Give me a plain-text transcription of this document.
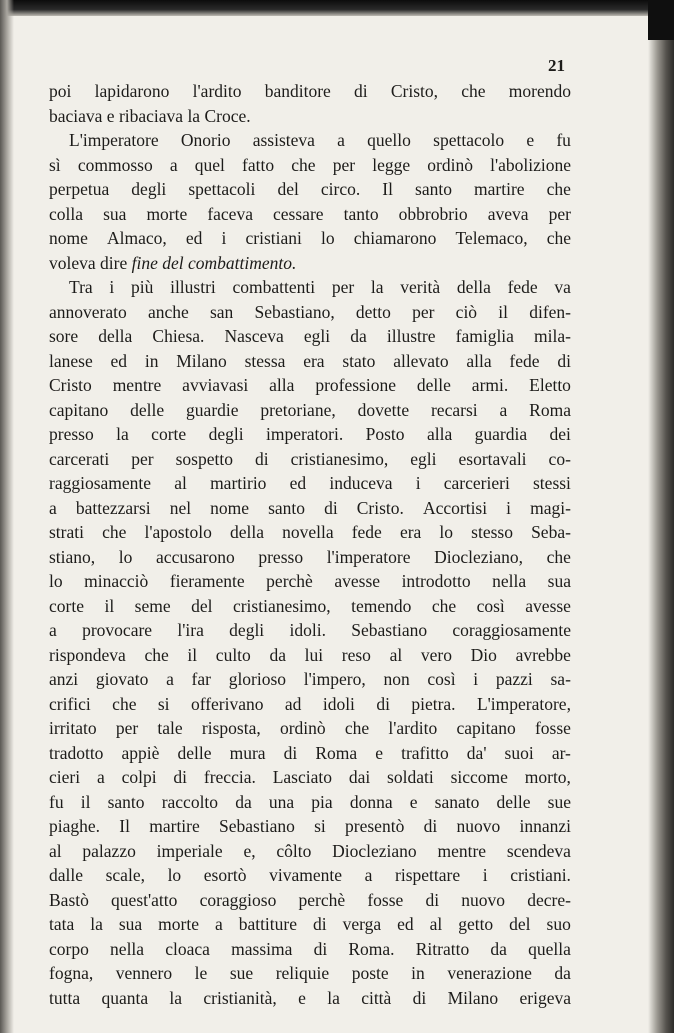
21
poi lapidarono l'ardito banditore di Cristo, che morendo
baciava e ribaciava la Croce.
L'imperatore Onorio assisteva a quello spettacolo e fu
sì commosso a quel fatto che per legge ordinò l'abolizione
perpetua degli spettacoli del circo. Il santo martire che
colla sua morte faceva cessare tanto obbrobrio aveva per
nome Almaco, ed i cristiani lo chiamarono Telemaco, che
voleva dire
fine del combattimento.
Tra i più illustri combattenti per la verità della fede va
annoverato anche san Sebastiano, detto per ciò il difen-
sore della Chiesa. Nasceva egli da illustre famiglia mila-
lanese ed in Milano stessa era stato allevato alla fede di
Cristo mentre avviavasi alla professione delle armi. Eletto
capitano delle guardie pretoriane, dovette recarsi a Roma
presso la corte degli imperatori. Posto alla guardia dei
carcerati per sospetto di cristianesimo, egli esortavali co-
raggiosamente al martirio ed induceva i carcerieri stessi
a battezzarsi nel nome santo di Cristo. Accortisi i magi-
strati che l'apostolo della novella fede era lo stesso Seba-
stiano, lo accusarono presso l'imperatore Diocleziano, che
lo minacciò fieramente perchè avesse introdotto nella sua
corte il seme del cristianesimo, temendo che così avesse
a provocare l'ira degli idoli. Sebastiano coraggiosamente
rispondeva che il culto da lui reso al vero Dio avrebbe
anzi giovato a far glorioso l'impero, non così i pazzi sa-
crifici che si offerivano ad idoli di pietra. L'imperatore,
irritato per tale risposta, ordinò che l'ardito capitano fosse
tradotto appiè delle mura di Roma e trafitto da' suoi ar-
cieri a colpi di freccia. Lasciato dai soldati siccome morto,
fu il santo raccolto da una pia donna e sanato delle sue
piaghe. Il martire Sebastiano si presentò di nuovo innanzi
al palazzo imperiale e, côlto Diocleziano mentre scendeva
dalle scale, lo esortò vivamente a rispettare i cristiani.
Bastò quest'atto coraggioso perchè fosse di nuovo decre-
tata la sua morte a battiture di verga ed al getto del suo
corpo nella cloaca massima di Roma. Ritratto da quella
fogna, vennero le sue reliquie poste in venerazione da
tutta quanta la cristianità, e la città di Milano erigeva
